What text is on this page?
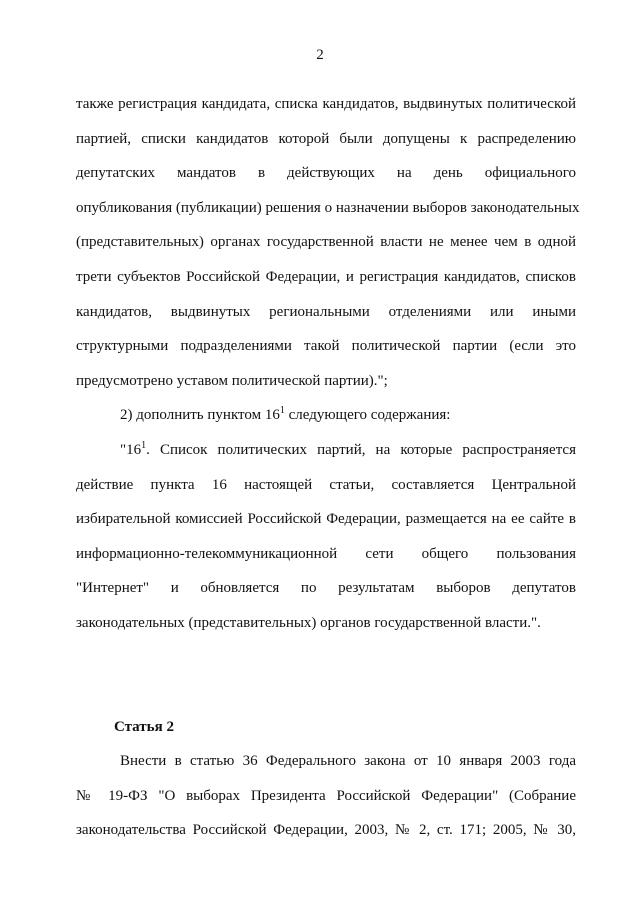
2
также регистрация кандидата, списка кандидатов, выдвинутых политической
партией, списки кандидатов которой были допущены к распределению
депутатских мандатов в действующих на день официального
опубликования (публикации) решения о назначении выборов законодательных
(представительных) органах государственной власти не менее чем в одной
трети субъектов Российской Федерации, и регистрация кандидатов, списков
кандидатов, выдвинутых региональными отделениями или иными
структурными подразделениями такой политической партии (если это
предусмотрено уставом политической партии).";

2) дополнить пунктом $16^1$ следующего содержания:

"$16^1$. Список политических партий, на которые распространяется
действие пункта 16 настоящей статьи, составляется Центральной
избирательной комиссией Российской Федерации, размещается на ее сайте в
информационно-телекоммуникационной сети общего пользования
"Интернет" и обновляется по результатам выборов депутатов
законодательных (представительных) органов государственной власти.".

Статья 2

Внести в статью 36 Федерального закона от 10 января 2003 года
№ 19-ФЗ "О выборах Президента Российской Федерации" (Собрание
законодательства Российской Федерации, 2003, № 2, ст. 171; 2005, № 30,
